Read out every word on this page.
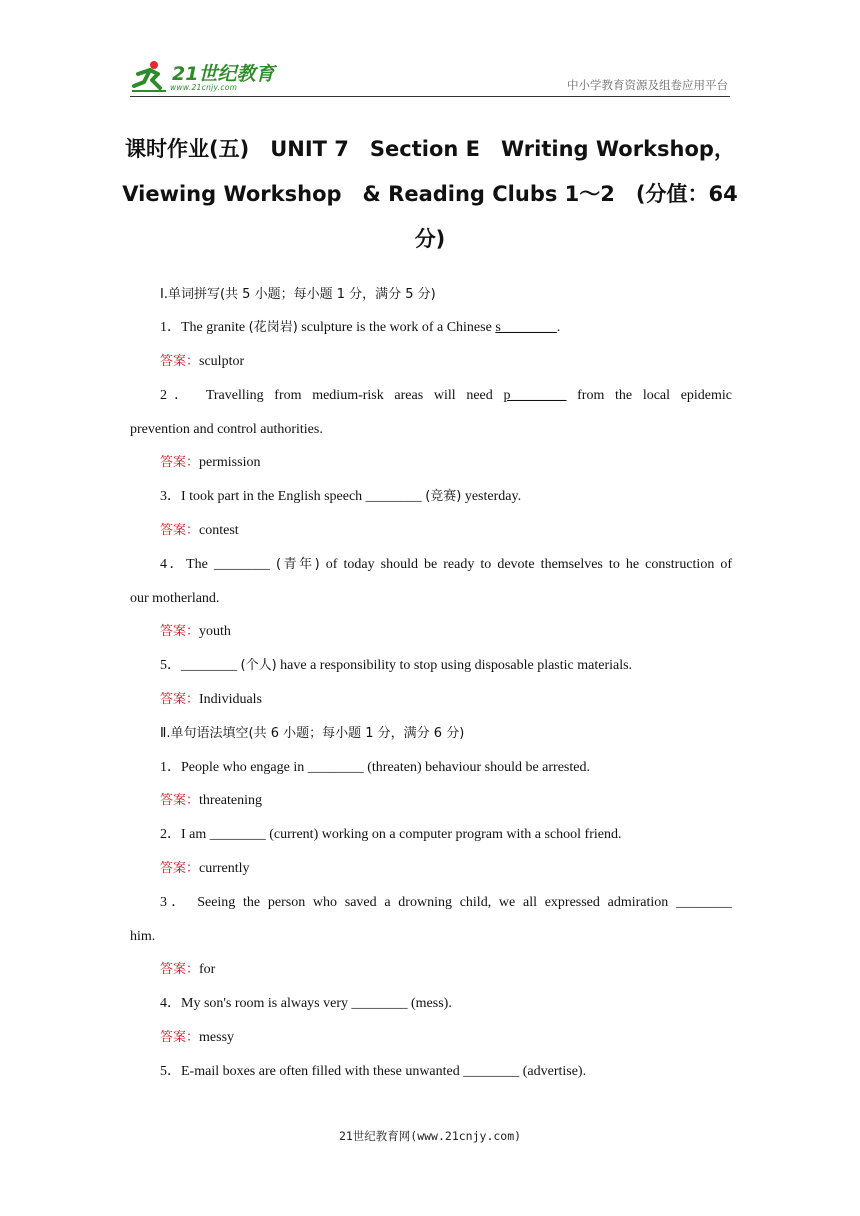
21世纪教育
www.21cnjy.com	中小学教育资源及组卷应用平台
课时作业(五)　UNIT 7　Section E　Writing Workshop，
Viewing Workshop　& Reading Clubs 1～2　(分值：64
分)
Ⅰ.单词拼写(共 5 小题；每小题 1 分，满分 5 分)
1．The granite (花岗岩) sculpture is the work of a Chinese s________.
答案：sculptor
2． Travelling from medium-risk areas will need p________ from the local epidemic
prevention and control authorities.
答案：permission
3．I took part in the English speech ________ (竞赛) yesterday.
答案：contest
4．The ________ (青年) of today should be ready to devote themselves to he construction of
our motherland.
答案：youth
5．________ (个人) have a responsibility to stop using disposable plastic materials.
答案：Individuals
Ⅱ.单句语法填空(共 6 小题；每小题 1 分，满分 6 分)
1．People who engage in ________ (threaten) behaviour should be arrested.
答案：threatening
2．I am ________ (current) working on a computer program with a school friend.
答案：currently
3． Seeing the person who saved a drowning child, we all expressed admiration ________
him.
答案：for
4．My son's room is always very ________ (mess).
答案：messy
5．E-mail boxes are often filled with these unwanted ________ (advertise).
21世纪教育网(www.21cnjy.com)
